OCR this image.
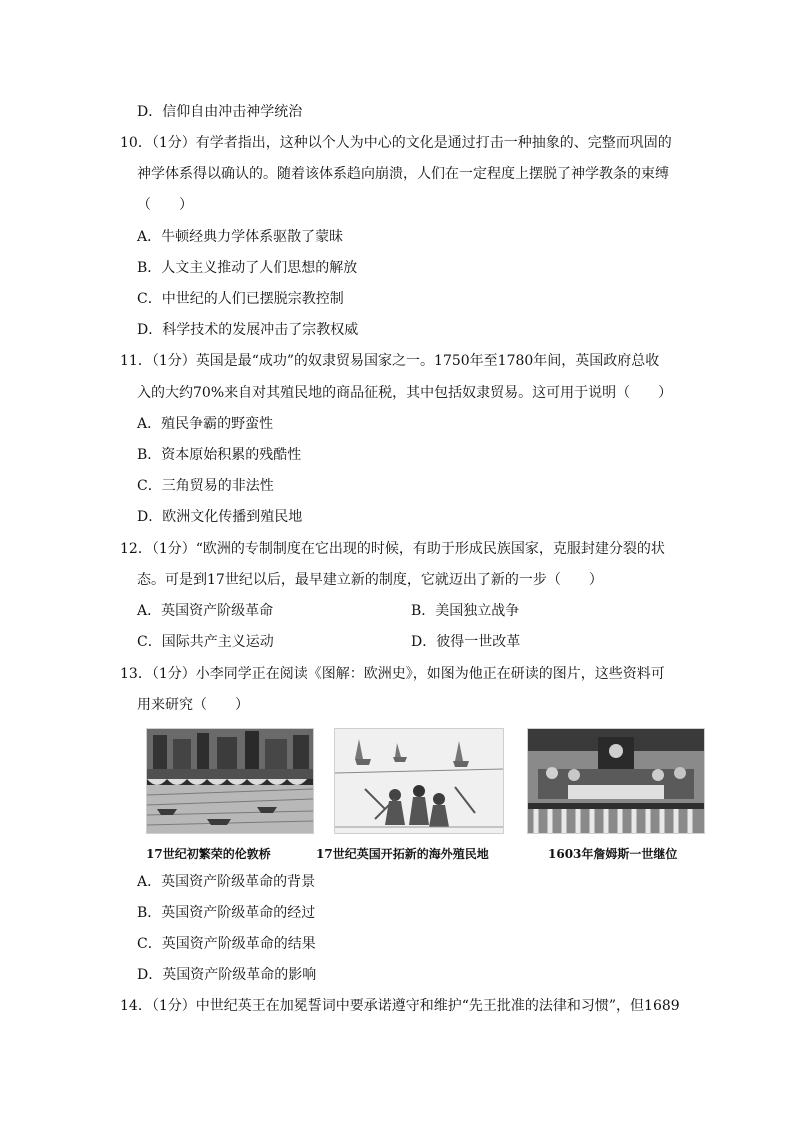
D．信仰自由冲击神学统治
10．（1分）有学者指出，这种以个人为中心的文化是通过打击一种抽象的、完整而巩固的
神学体系得以确认的。随着该体系趋向崩溃，人们在一定程度上摆脱了神学教条的束缚
（　　）
A．牛顿经典力学体系驱散了蒙昧
B．人文主义推动了人们思想的解放
C．中世纪的人们已摆脱宗教控制
D．科学技术的发展冲击了宗教权威
11．（1分）英国是最“成功”的奴隶贸易国家之一。1750年至1780年间，英国政府总收
入的大约70%来自对其殖民地的商品征税，其中包括奴隶贸易。这可用于说明（　　）
A．殖民争霸的野蛮性
B．资本原始积累的残酷性
C．三角贸易的非法性
D．欧洲文化传播到殖民地
12．（1分）“欧洲的专制制度在它出现的时候，有助于形成民族国家，克服封建分裂的状
态。可是到17世纪以后，最早建立新的制度，它就迈出了新的一步（　　）
A．英国资产阶级革命	B．美国独立战争
C．国际共产主义运动	D．彼得一世改革
13．（1分）小李同学正在阅读《图解：欧洲史》，如图为他正在研读的图片，这些资料可
用来研究（　　）
17世纪初繁荣的伦敦桥	17世纪英国开拓新的海外殖民地	1603年詹姆斯一世继位
A．英国资产阶级革命的背景
B．英国资产阶级革命的经过
C．英国资产阶级革命的结果
D．英国资产阶级革命的影响
14．（1分）中世纪英王在加冕誓词中要承诺遵守和维护“先王批准的法律和习惯”，但1689
